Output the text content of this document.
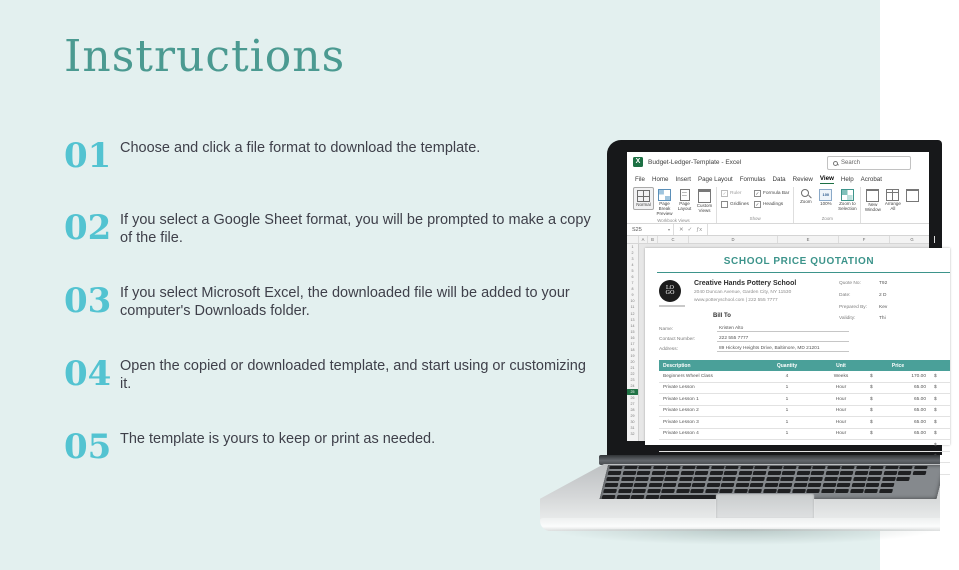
Instructions
01 Choose and click a file format to download the template.

02 If you select a Google Sheet format, you will be prompted to make a copy of the file.

03 If you select Microsoft Excel, the downloaded file will be added to your computer's Downloads folder.

04 Open the copied or downloaded template, and start using or customizing it.

05 The template is yours to keep or print as needed.

X	Budget-Ledger-Template - Excel	Search
File Home Insert Page Layout Formulas Data Review View Help Acrobat
Normal	Page Break Preview
Page Layout
Custom Views
Workbook Views
✓ Ruler
Gridlines
✓ Formula Bar
✓ Headings
Show
Zoom
100
100%	Zoom to Selection
Zoom
New Window
Arrange All
S25	▾ ✕ ✓ ƒx
A	B	C	D	E	F	G
1
2
3
4
5
6
7
8
9
10
11
12
13
14
15
16
17
18
19
20
21
22
23
24
25
26
27
28
29
30
31
32
SCHOOL PRICE QUOTATION
LO
GO
Creative Hands Pottery School
2040 Duncan Avenue, Garden City, NY 11530
www.potteryschool.com | 222 555 7777
Quote No:	T92
Date:	2 D
Prepared By:	Kev
Validity:	Thi
Bill To
Name:	Kristen Alto
Contact Number:	222 555 7777
Address:	89 Hickory Heights Drive, Baltimore, MD 21201
Description	Quantity	Unit	Price
Beginners Wheel Class	4	Weeks	$	170.00	$
Private Lesson	1	Hour	$	65.00	$
Private Lesson 1	1	Hour	$	65.00	$
Private Lesson 2	1	Hour	$	65.00	$
Private Lesson 3	1	Hour	$	65.00	$
Private Lesson 4	1	Hour	$	65.00	$
$
